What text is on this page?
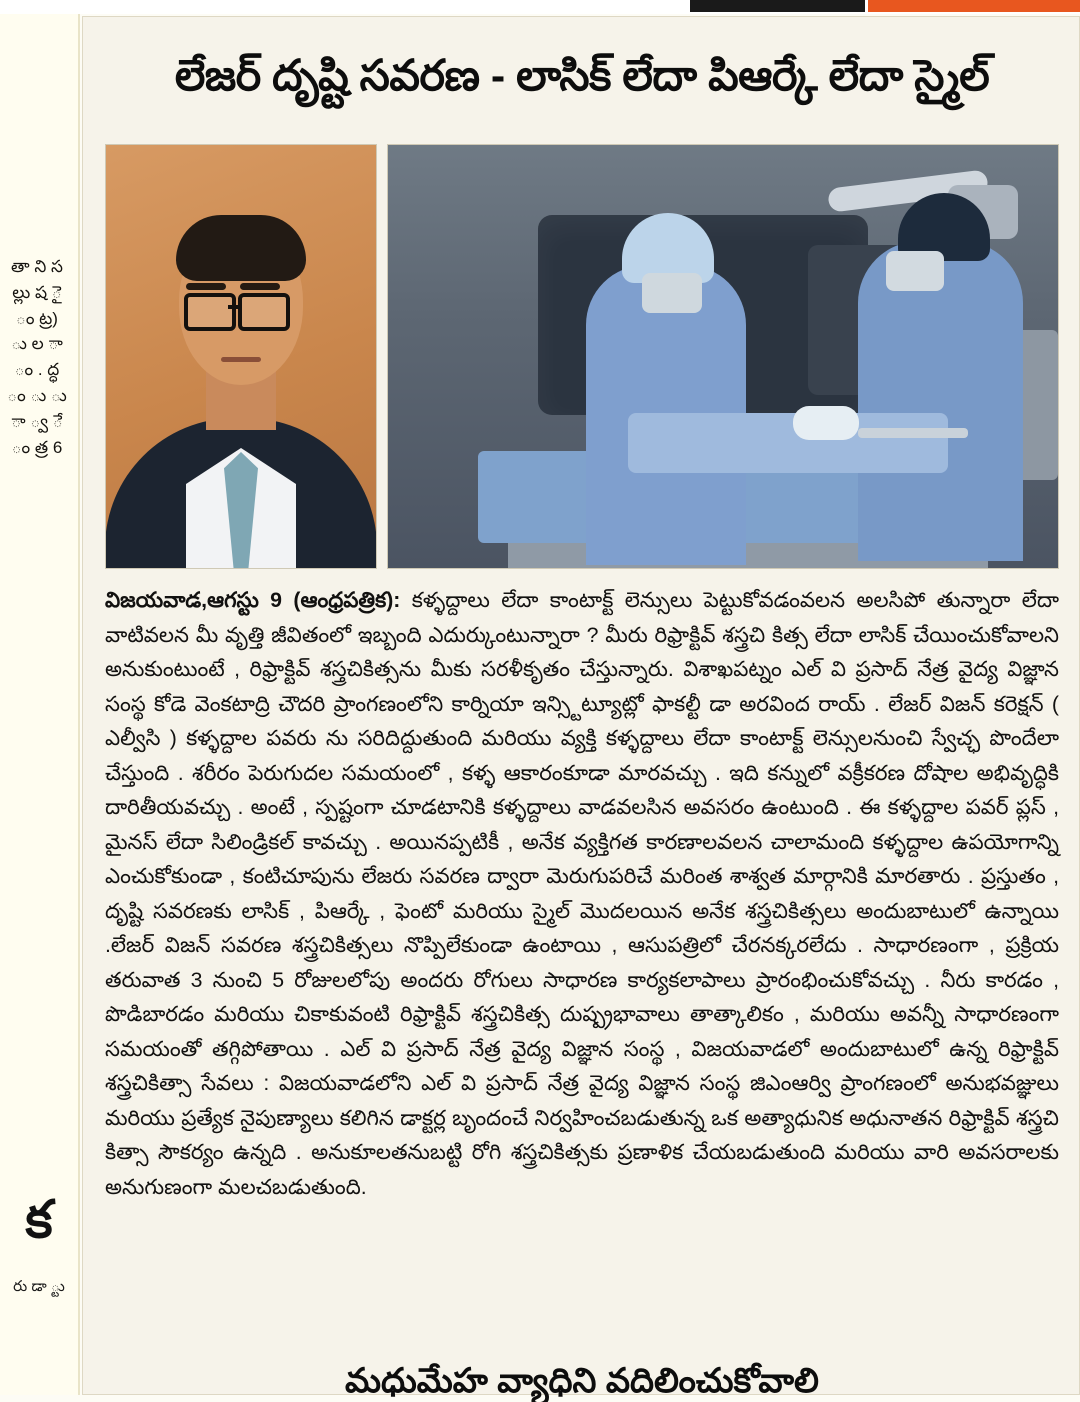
తా ని స ల్లు ష ై ం ట్ర) ు ల ా ం . ద్ధ ం ు ు ా ్వ ే ం త్ర 6
క
రు డా ్టు
లేజర్ దృష్టి సవరణ - లాసిక్ లేదా పిఆర్కే లేదా స్మైల్
విజయవాడ,ఆగస్టు 9 (ఆంధ్రపత్రిక): కళ్ళద్దాలు లేదా కాంటాక్ట్ లెన్సులు పెట్టుకోవడంవలన అలసిపో తున్నారా లేదా వాటివలన మీ వృత్తి జీవితంలో ఇబ్బంది ఎదుర్కుంటున్నారా ? మీరు రిఫ్రాక్టివ్ శస్త్రచి కిత్స లేదా లాసిక్ చేయించుకోవాలని అనుకుంటుంటే , రిఫ్రాక్టివ్ శస్త్రచికిత్సను మీకు సరళీకృతం చేస్తున్నారు. విశాఖపట్నం ఎల్ వి ప్రసాద్ నేత్ర వైద్య విజ్ఞాన సంస్థ కోడె వెంకటాద్రి చౌదరి ప్రాంగణంలోని కార్నియా ఇన్స్టిట్యూట్లో ఫాకల్టీ డా అరవింద రాయ్ . లేజర్ విజన్ కరెక్షన్ ( ఎల్వీసి ) కళ్ళద్దాల పవరు ను సరిదిద్దుతుంది మరియు వ్యక్తి కళ్ళద్దాలు లేదా కాంటాక్ట్ లెన్సులనుంచి స్వేచ్ఛ పొందేలా చేస్తుంది . శరీరం పెరుగుదల సమయంలో , కళ్ళ ఆకారంకూడా మారవచ్చు . ఇది కన్నులో వక్రీకరణ దోషాల అభివృద్ధికి దారితీయవచ్చు . అంటే , స్పష్టంగా చూడటానికి కళ్ళద్దాలు వాడవలసిన అవసరం ఉంటుంది . ఈ కళ్ళద్దాల పవర్ ప్లస్ , మైనస్ లేదా సిలిండ్రికల్ కావచ్చు . అయినప్పటికీ , అనేక వ్యక్తిగత కారణాలవలన చాలామంది కళ్ళద్దాల ఉపయోగాన్ని ఎంచుకోకుండా , కంటిచూపును లేజరు సవరణ ద్వారా మెరుగుపరిచే మరింత శాశ్వత మార్గానికి మారతారు . ప్రస్తుతం , దృష్టి సవరణకు లాసిక్ , పిఆర్కే , ఫెంటో మరియు స్మైల్ మొదలయిన అనేక శస్త్రచికిత్సలు అందుబాటులో ఉన్నాయి .లేజర్ విజన్ సవరణ శస్త్రచికిత్సలు నొప్పిలేకుండా ఉంటాయి , ఆసుపత్రిలో చేరనక్కరలేదు . సాధారణంగా , ప్రక్రియ తరువాత 3 నుంచి 5 రోజులలోపు అందరు రోగులు సాధారణ కార్యకలాపాలు ప్రారంభించుకోవచ్చు . నీరు కారడం , పొడిబారడం మరియు చికాకువంటి రిఫ్రాక్టివ్ శస్త్రచికిత్స దుష్ప్రభావాలు తాత్కాలికం , మరియు అవన్నీ సాధారణంగా సమయంతో తగ్గిపోతాయి . ఎల్ వి ప్రసాద్ నేత్ర వైద్య విజ్ఞాన సంస్థ , విజయవాడలో అందుబాటులో ఉన్న రిఫ్రాక్టివ్ శస్త్రచికిత్సా సేవలు : విజయవాడలోని ఎల్ వి ప్రసాద్ నేత్ర వైద్య విజ్ఞాన సంస్థ జిఎంఆర్వి ప్రాంగణంలో అనుభవజ్ఞులు మరియు ప్రత్యేక నైపుణ్యాలు కలిగిన డాక్టర్ల బృందంచే నిర్వహించబడుతున్న ఒక అత్యాధునిక అధునాతన రిఫ్రాక్టివ్ శస్త్రచి కిత్సా సౌకర్యం ఉన్నది . అనుకూలతనుబట్టి రోగి శస్త్రచికిత్సకు ప్రణాళిక చేయబడుతుంది మరియు వారి అవసరాలకు అనుగుణంగా మలచబడుతుంది.
మధుమేహ వ్యాధిని వదిలించుకోవాలి
